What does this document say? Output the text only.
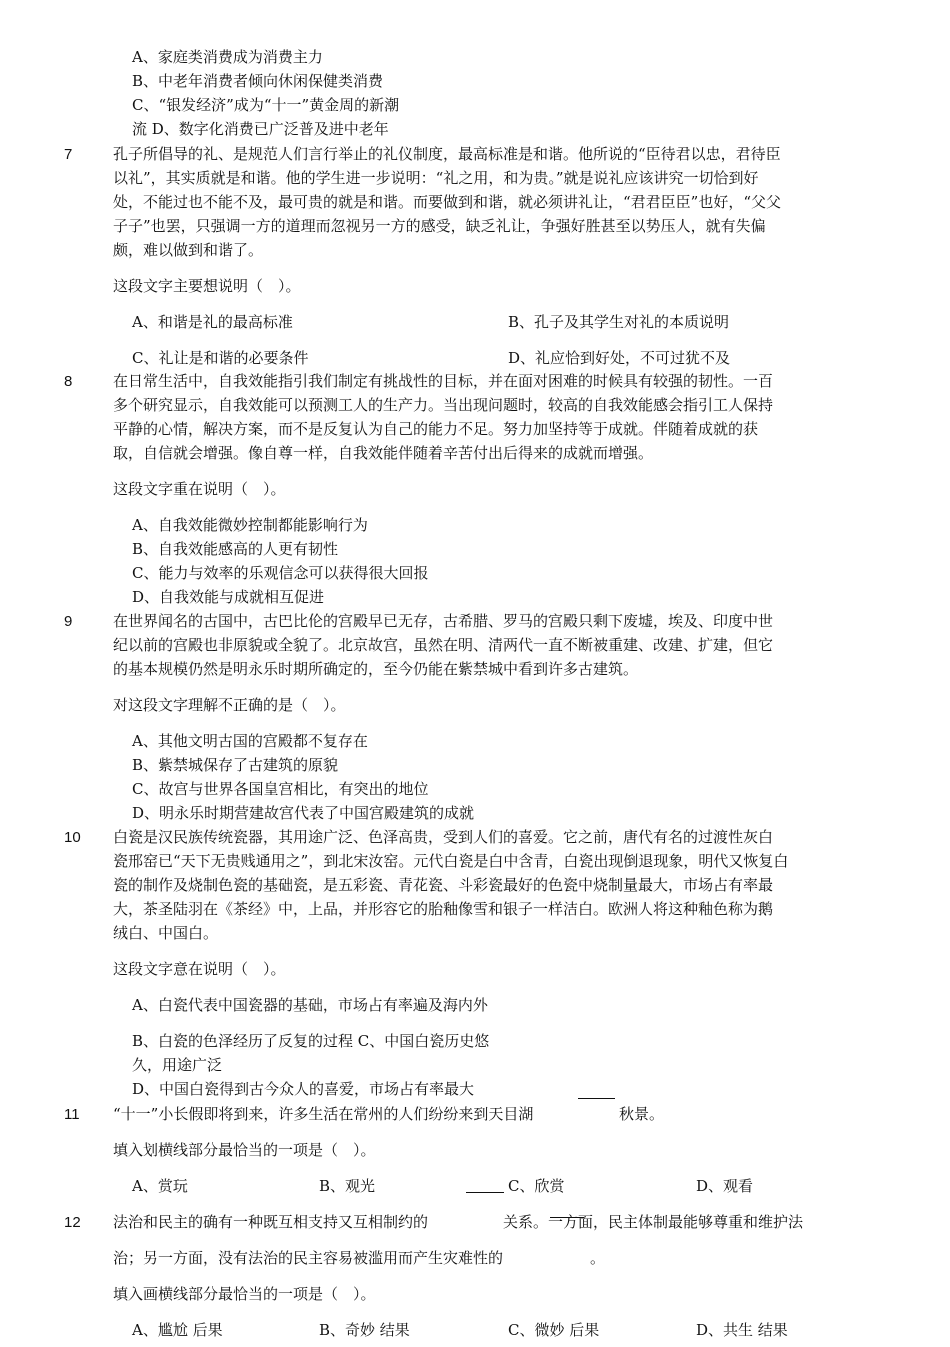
A、家庭类消费成为消费主力
B、中老年消费者倾向休闲保健类消费
C、“银发经济”成为“十一”黄金周的新潮
流 D、数字化消费已广泛普及进中老年
7	孔子所倡导的礼、是规范人们言行举止的礼仪制度，最高标准是和谐。他所说的“臣待君以忠，君待臣
以礼”，其实质就是和谐。他的学生进一步说明：“礼之用，和为贵。”就是说礼应该讲究一切恰到好
处，不能过也不能不及，最可贵的就是和谐。而要做到和谐，就必须讲礼让，“君君臣臣”也好，“父父
子子”也罢，只强调一方的道理而忽视另一方的感受，缺乏礼让，争强好胜甚至以势压人，就有失偏
颇，难以做到和谐了。
这段文字主要想说明（　）。
A、和谐是礼的最高标准	B、孔子及其学生对礼的本质说明
C、礼让是和谐的必要条件	D、礼应恰到好处，不可过犹不及
8	在日常生活中，自我效能指引我们制定有挑战性的目标，并在面对困难的时候具有较强的韧性。一百
多个研究显示，自我效能可以预测工人的生产力。当出现问题时，较高的自我效能感会指引工人保持
平静的心情，解决方案，而不是反复认为自己的能力不足。努力加坚持等于成就。伴随着成就的获
取，自信就会增强。像自尊一样，自我效能伴随着辛苦付出后得来的成就而增强。
这段文字重在说明（　）。
A、自我效能微妙控制都能影响行为
B、自我效能感高的人更有韧性
C、能力与效率的乐观信念可以获得很大回报
D、自我效能与成就相互促进
9	在世界闻名的古国中，古巴比伦的宫殿早已无存，古希腊、罗马的宫殿只剩下废墟，埃及、印度中世
纪以前的宫殿也非原貌或全貌了。北京故宫，虽然在明、清两代一直不断被重建、改建、扩建，但它
的基本规模仍然是明永乐时期所确定的，至今仍能在紫禁城中看到许多古建筑。
对这段文字理解不正确的是（　）。
A、其他文明古国的宫殿都不复存在
B、紫禁城保存了古建筑的原貌
C、故宫与世界各国皇宫相比，有突出的地位
D、明永乐时期营建故宫代表了中国宫殿建筑的成就
10 白瓷是汉民族传统瓷器，其用途广泛、色泽高贵，受到人们的喜爱。它之前，唐代有名的过渡性灰白
瓷邢窑已“天下无贵贱通用之”，到北宋汝窑。元代白瓷是白中含青，白瓷出现倒退现象，明代又恢复白
瓷的制作及烧制色瓷的基础瓷，是五彩瓷、青花瓷、斗彩瓷最好的色瓷中烧制量最大，市场占有率最
大，茶圣陆羽在《茶经》中，上品，并形容它的胎釉像雪和银子一样洁白。欧洲人将这种釉色称为鹅
绒白、中国白。
这段文字意在说明（　）。
A、白瓷代表中国瓷器的基础，市场占有率遍及海内外
B、白瓷的色泽经历了反复的过程 C、中国白瓷历史悠
久，用途广泛
D、中国白瓷得到古今众人的喜爱，市场占有率最大
11 “十一”小长假即将到来，许多生活在常州的人们纷纷来到天目湖	秋景。
填入划横线部分最恰当的一项是（　）。
A、赏玩	B、观光	C、欣赏	D、观看
12 法治和民主的确有一种既互相支持又互相制约的	关系。一方面，民主体制最能够尊重和维护法
治；另一方面，没有法治的民主容易被滥用而产生灾难性的	。
填入画横线部分最恰当的一项是（　）。
A、尴尬 后果	B、奇妙 结果	C、微妙 后果	D、共生 结果
